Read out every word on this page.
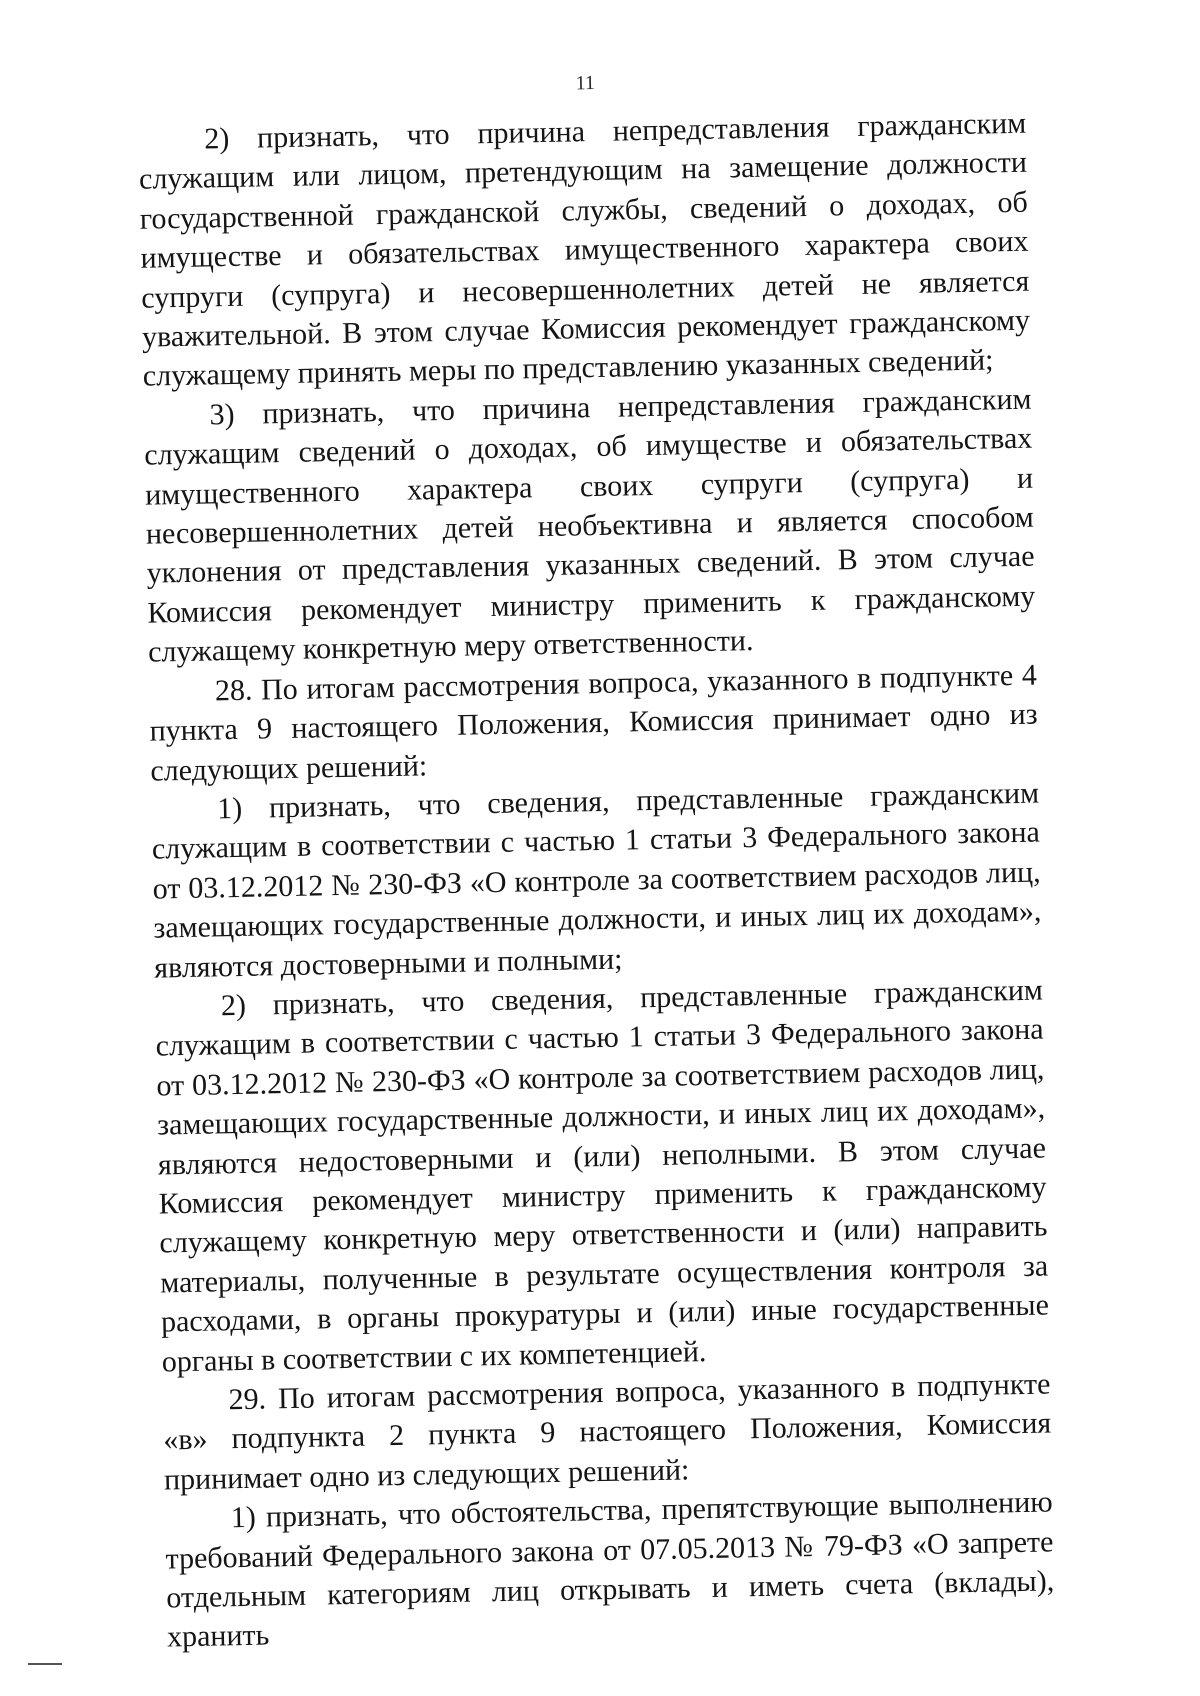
11

2) признать, что причина непредставления гражданским служащим или лицом, претендующим на замещение должности государственной гражданской службы, сведений о доходах, об имуществе и обязательствах имущественного характера своих супруги (супруга) и несовершеннолетних детей не является уважительной. В этом случае Комиссия рекомендует гражданскому служащему принять меры по представлению указанных сведений;

3) признать, что причина непредставления гражданским служащим сведений о доходах, об имуществе и обязательствах имущественного характера своих супруги (супруга) и несовершеннолетних детей необъективна и является способом уклонения от представления указанных сведений. В этом случае Комиссия рекомендует министру применить к гражданскому служащему конкретную меру ответственности.

28. По итогам рассмотрения вопроса, указанного в подпункте 4 пункта 9 настоящего Положения, Комиссия принимает одно из следующих решений:

1) признать, что сведения, представленные гражданским служащим в соответствии с частью 1 статьи 3 Федерального закона от 03.12.2012 № 230-ФЗ «О контроле за соответствием расходов лиц, замещающих государственные должности, и иных лиц их доходам», являются достоверными и полными;

2) признать, что сведения, представленные гражданским служащим в соответствии с частью 1 статьи 3 Федерального закона от 03.12.2012 № 230-ФЗ «О контроле за соответствием расходов лиц, замещающих государственные должности, и иных лиц их доходам», являются недостоверными и (или) неполными. В этом случае Комиссия рекомендует министру применить к гражданскому служащему конкретную меру ответственности и (или) направить материалы, полученные в результате осуществления контроля за расходами, в органы прокуратуры и (или) иные государственные органы в соответствии с их компетенцией.

29. По итогам рассмотрения вопроса, указанного в подпункте «в» подпункта 2 пункта 9 настоящего Положения, Комиссия принимает одно из следующих решений:

1) признать, что обстоятельства, препятствующие выполнению требований Федерального закона от 07.05.2013 № 79-ФЗ «О запрете отдельным категориям лиц открывать и иметь счета (вклады), хранить
